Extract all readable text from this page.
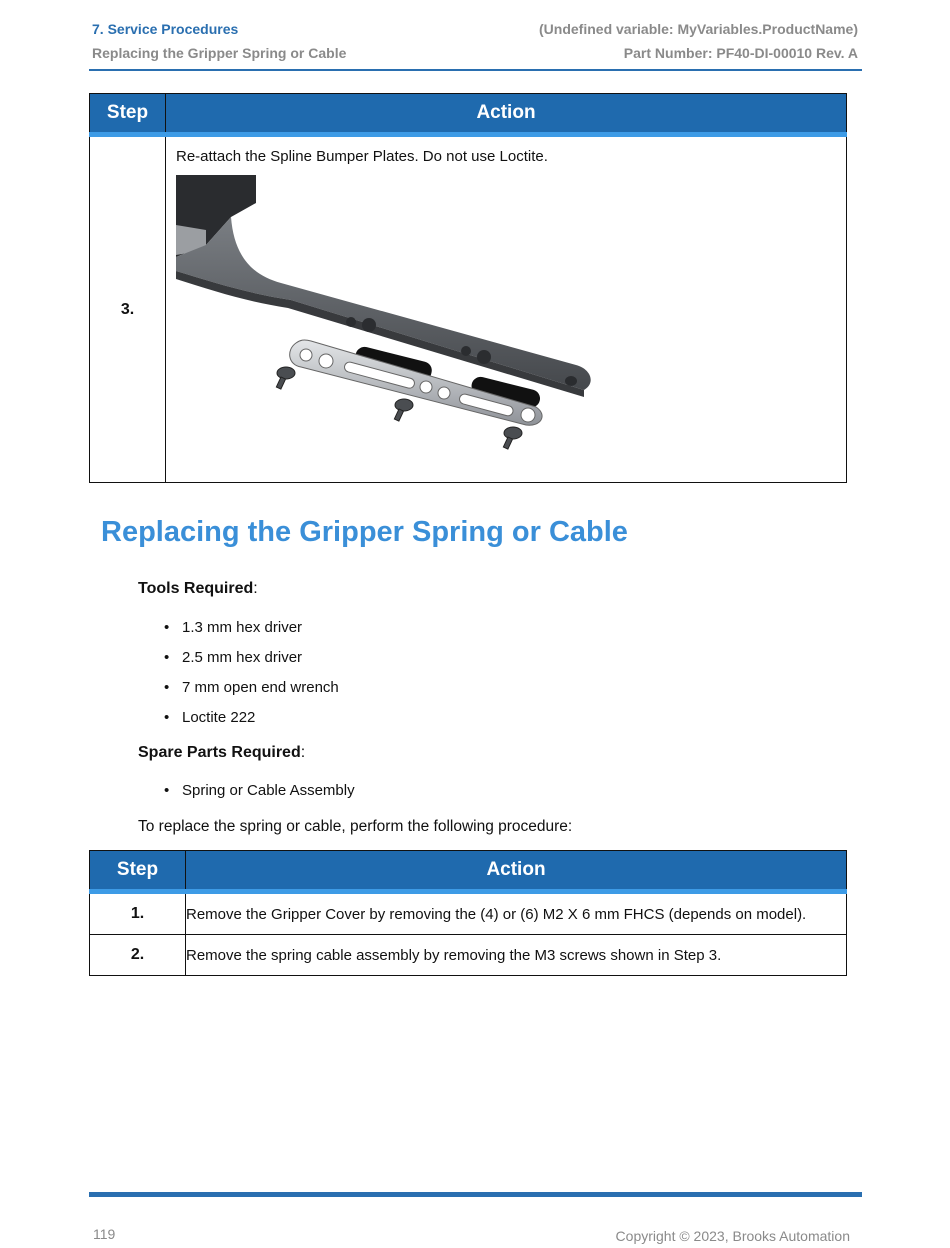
7. Service Procedures
Replacing the Gripper Spring or Cable
(Undefined variable: MyVariables.ProductName)
Part Number: PF40-DI-00010 Rev. A
Step	Action
3.	Re-attach the Spline Bumper Plates. Do not use Loctite.
Replacing the Gripper Spring or Cable
Tools Required:
• 1.3 mm hex driver
• 2.5 mm hex driver
• 7 mm open end wrench
• Loctite 222
Spare Parts Required:
• Spring or Cable Assembly
To replace the spring or cable, perform the following procedure:
Step	Action
1.	Remove the Gripper Cover by removing the (4) or (6) M2 X 6 mm FHCS (depends on model).
2.	Remove the spring cable assembly by removing the M3 screws shown in Step 3.
119	Copyright © 2023, Brooks Automation
